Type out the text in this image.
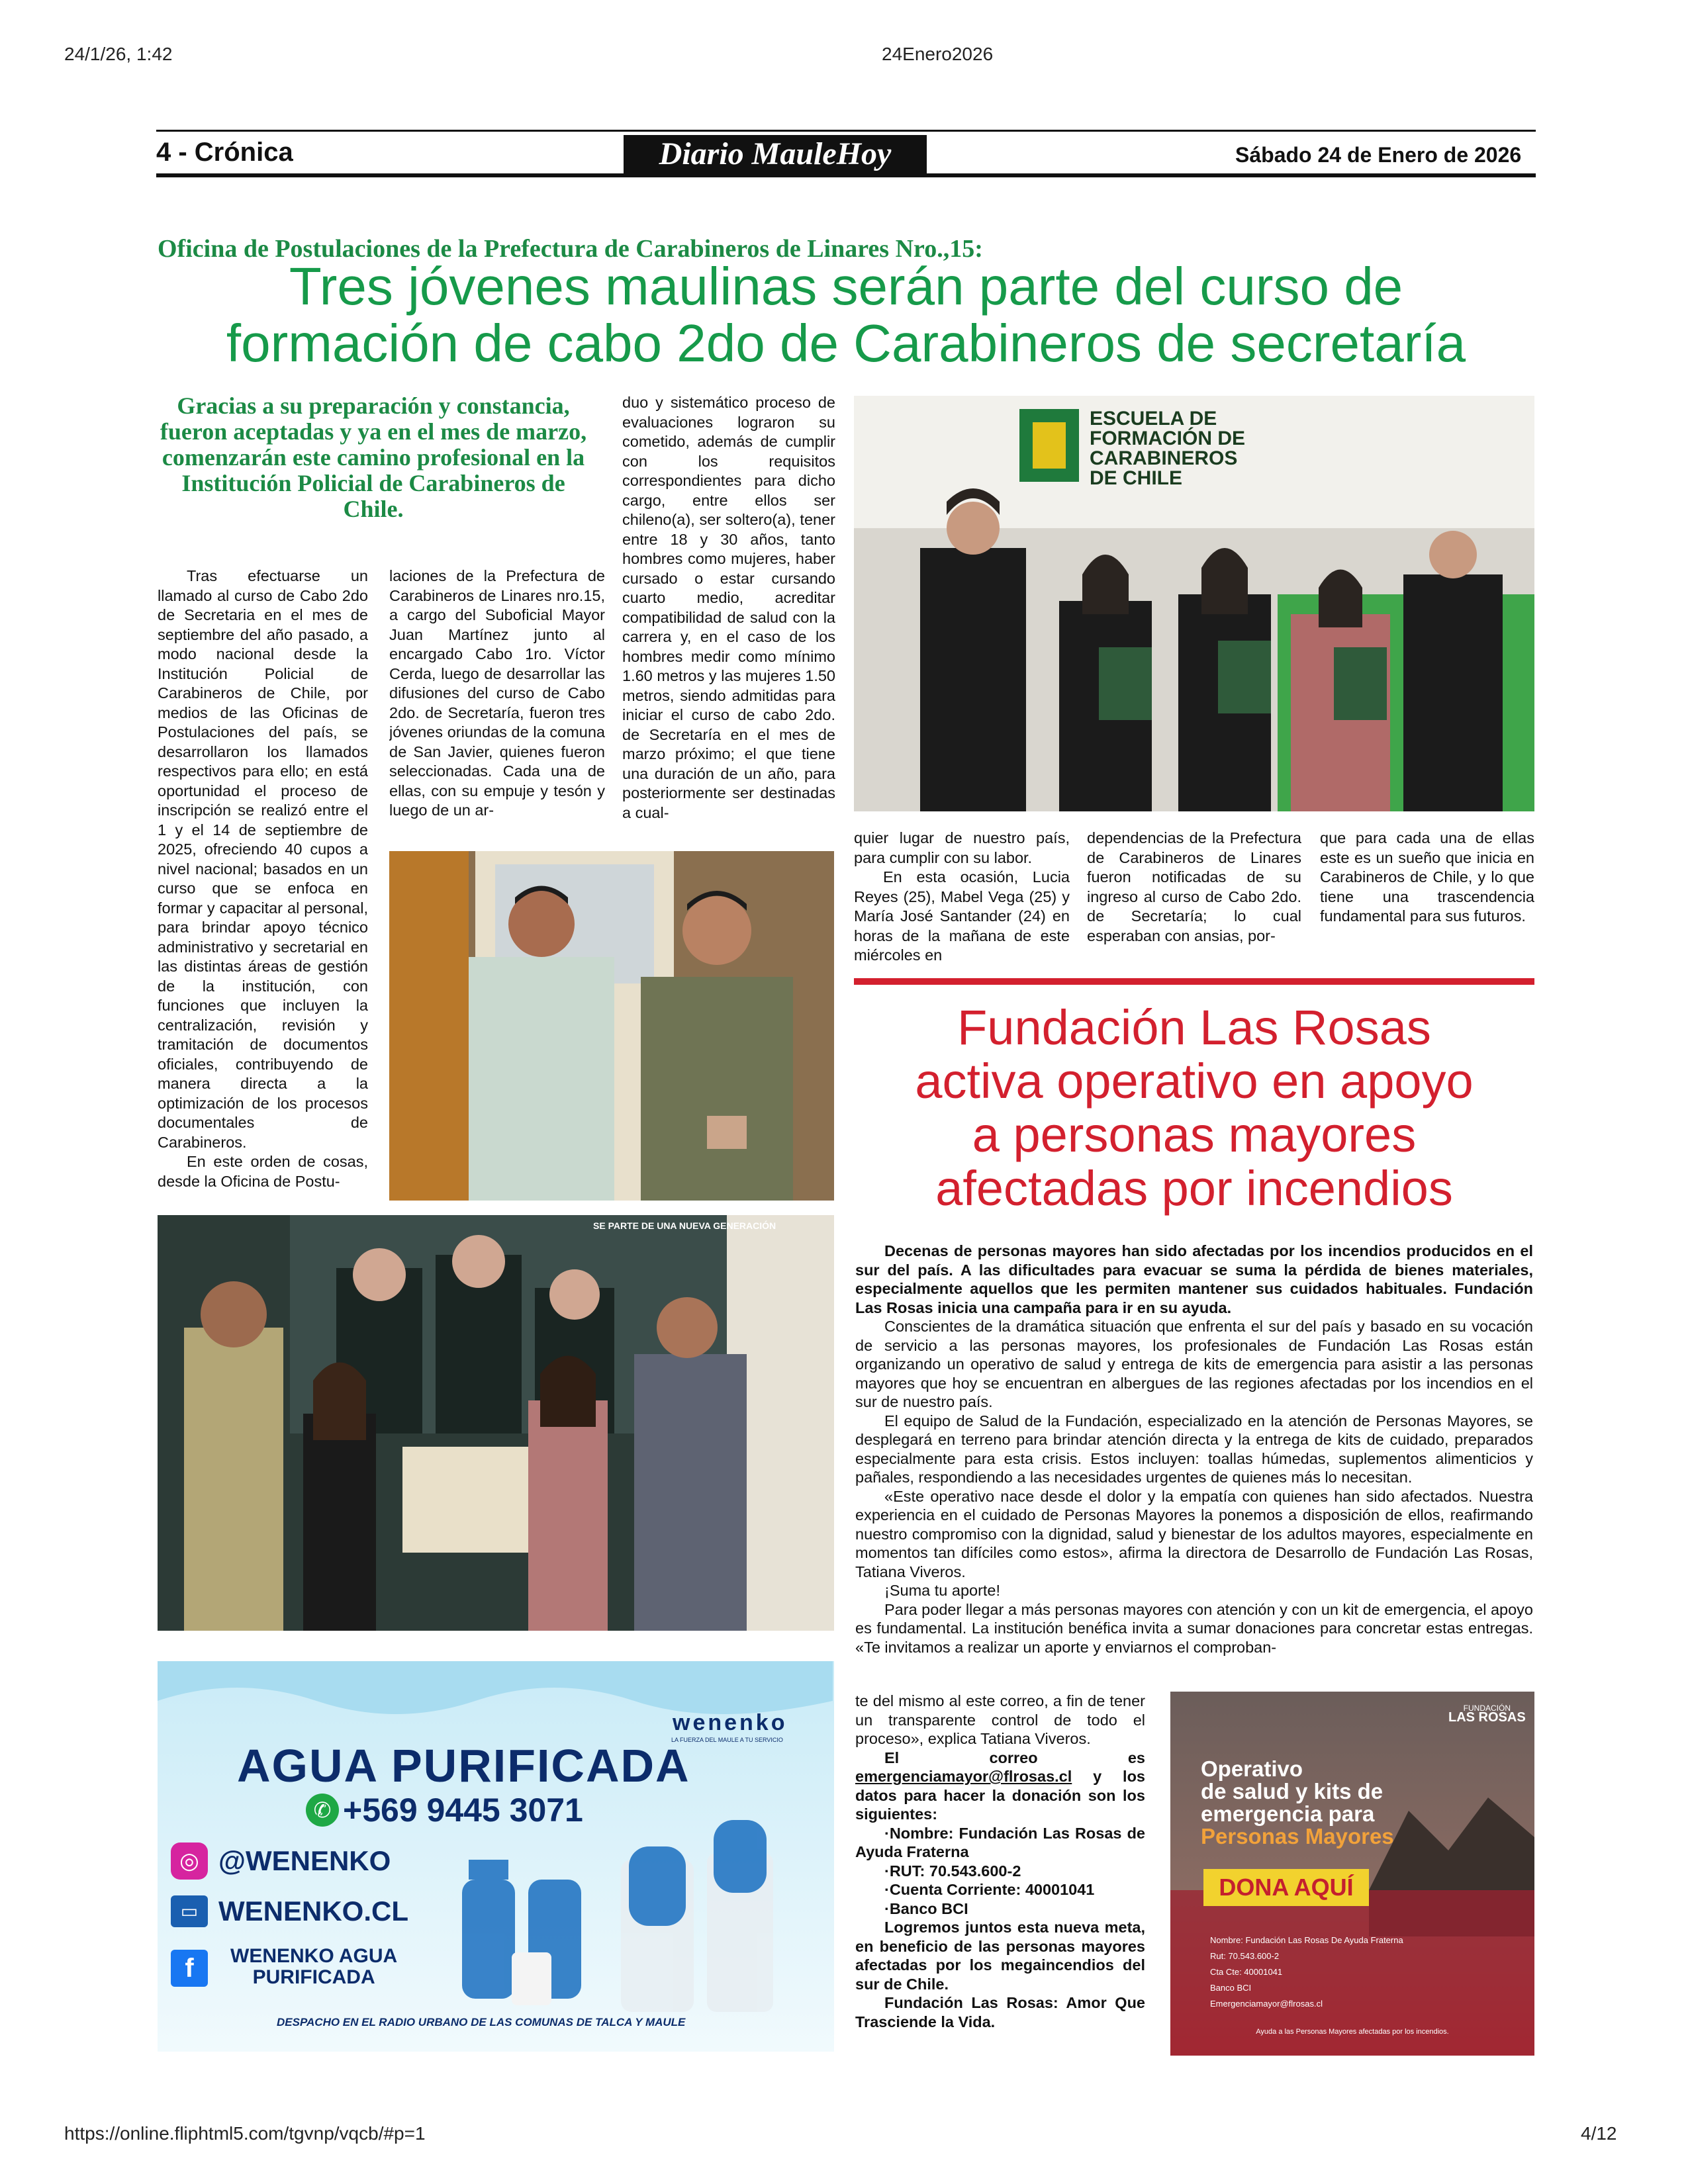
24/1/26, 1:42	24Enero2026
https://online.fliphtml5.com/tgvnp/vqcb/#p=1	4/12
4 - Crónica	Diario MauleHoy	Sábado 24 de Enero de 2026
Oficina de Postulaciones de la Prefectura de Carabineros de Linares Nro.,15:
Tres jóvenes maulinas serán parte del curso de
formación de cabo 2do de Carabineros de secretaría
Gracias a su preparación y constancia, fueron aceptadas y ya en el mes de marzo, comenzarán este camino profesional en la Institución Policial de Carabineros de Chile.

Tras efectuarse un llamado al curso de Cabo 2do de Secretaria en el mes de septiembre del año pasado, a modo nacional desde la Institución Policial de Carabineros de Chile, por medios de las Oficinas de Postulaciones del país, se desarrollaron los llamados respectivos para ello; en está oportunidad el proceso de inscripción se realizó entre el 1 y el 14 de septiembre de 2025, ofreciendo 40 cupos a nivel nacional; basados en un curso que se enfoca en formar y capacitar al personal, para brindar apoyo técnico administrativo y secretarial en las distintas áreas de gestión de la institución, con funciones que incluyen la centralización, revisión y tramitación de documentos oficiales, contribuyendo de manera directa a la optimización de los procesos documentales de Carabineros.

En este orden de cosas, desde la Oficina de Postu-

laciones de la Prefectura de Carabineros de Linares nro.15, a cargo del Suboficial Mayor Juan Martínez junto al encargado Cabo 1ro. Víctor Cerda, luego de desarrollar las difusiones del curso de Cabo 2do. de Secretaría, fueron tres jóvenes oriundas de la comuna de San Javier, quienes fueron seleccionadas. Cada una de ellas, con su empuje y tesón y luego de un ar-

duo y sistemático proceso de evaluaciones lograron su cometido, además de cumplir con los requisitos correspondientes para dicho cargo, entre ellos ser chileno(a), ser soltero(a), tener entre 18 y 30 años, tanto hombres como mujeres, haber cursado o estar cursando cuarto medio, acreditar compatibilidad de salud con la carrera y, en el caso de los hombres medir como mínimo 1.60 metros y las mujeres 1.50 metros, siendo admitidas para iniciar el curso de cabo 2do. de Secretaría en el mes de marzo próximo; el que tiene una duración de un año, para posteriormente ser destinadas a cual-

ESCUELA DE
FORMACIÓN DE
CARABINEROS
DE CHILE

quier lugar de nuestro país, para cumplir con su labor.

En esta ocasión, Lucia Reyes (25), Mabel Vega (25) y María José Santander (24) en horas de la mañana de este miércoles en

dependencias de la Prefectura de Carabineros de Linares fueron notificadas de su ingreso al curso de Cabo 2do. de Secretaría; lo cual esperaban con ansias, por-

que para cada una de ellas este es un sueño que inicia en Carabineros de Chile, y lo que tiene una trascendencia fundamental para sus futuros.

SE PARTE DE UNA NUEVA GENERACIÓN
Fundación Las Rosas
activa operativo en apoyo
a personas mayores
afectadas por incendios

Decenas de personas mayores han sido afectadas por los incendios producidos en el sur del país. A las dificultades para evacuar se suma la pérdida de bienes materiales, especialmente aquellos que les permiten mantener sus cuidados habituales. Fundación Las Rosas inicia una campaña para ir en su ayuda.

Conscientes de la dramática situación que enfrenta el sur del país y basado en su vocación de servicio a las personas mayores, los profesionales de Fundación Las Rosas están organizando un operativo de salud y entrega de kits de emergencia para asistir a las personas mayores que hoy se encuentran en albergues de las regiones afectadas por los incendios en el sur de nuestro país.

El equipo de Salud de la Fundación, especializado en la atención de Personas Mayores, se desplegará en terreno para brindar atención directa y la entrega de kits de cuidado, preparados especialmente para esta crisis. Estos incluyen: toallas húmedas, suplementos alimenticios y pañales, respondiendo a las necesidades urgentes de quienes más lo necesitan.

«Este operativo nace desde el dolor y la empatía con quienes han sido afectados. Nuestra experiencia en el cuidado de Personas Mayores la ponemos a disposición de ellos, reafirmando nuestro compromiso con la dignidad, salud y bienestar de los adultos mayores, especialmente en momentos tan difíciles como estos», afirma la directora de Desarrollo de Fundación Las Rosas, Tatiana Viveros.

¡Suma tu aporte!

Para poder llegar a más personas mayores con atención y con un kit de emergencia, el apoyo es fundamental. La institución benéfica invita a sumar donaciones para concretar estas entregas. «Te invitamos a realizar un aporte y enviarnos el comproban-

te del mismo al este correo, a fin de tener un transparente control de todo el proceso», explica Tatiana Viveros.

El correo es emergenciamayor@flrosas.cl y los datos para hacer la donación son los siguientes:

·Nombre: Fundación Las Rosas de Ayuda Fraterna

·RUT: 70.543.600-2

·Cuenta Corriente: 40001041

·Banco BCI

Logremos juntos esta nueva meta, en beneficio de las personas mayores afectadas por los megaincendios del sur de Chile.

Fundación Las Rosas: Amor Que Trasciende la Vida.

FUNDACIÓN
LAS ROSAS
Operativo
de salud y kits de
emergencia para
Personas Mayores
DONA AQUÍ
Nombre: Fundación Las Rosas De Ayuda Fraterna
Rut: 70.543.600-2
Cta Cte: 40001041
Banco BCI
Emergenciamayor@flrosas.cl
Ayuda a las Personas Mayores afectadas por los incendios.
wenenko
LA FUERZA DEL MAULE A TU SERVICIO
AGUA PURIFICADA
✆ +569 9445 3071
◎ @WENENKO
▭ WENENKO.CL
f	WENENKO AGUA
PURIFICADA
DESPACHO EN EL RADIO URBANO DE LAS COMUNAS DE TALCA Y MAULE
